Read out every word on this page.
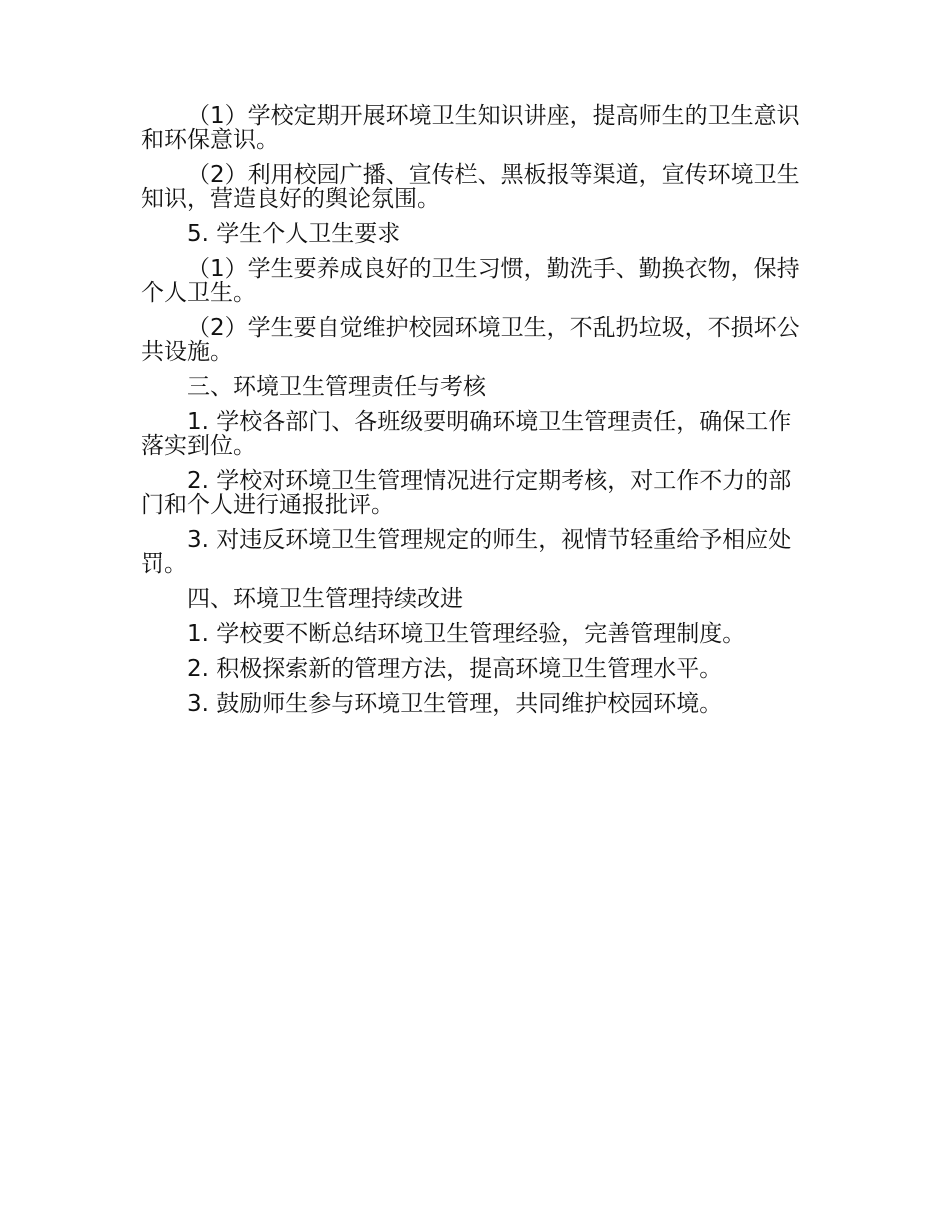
（1）学校定期开展环境卫生知识讲座，提高师生的卫生意识和环保意识。

（2）利用校园广播、宣传栏、黑板报等渠道，宣传环境卫生知识，营造良好的舆论氛围。

5. 学生个人卫生要求

（1）学生要养成良好的卫生习惯，勤洗手、勤换衣物，保持个人卫生。

（2）学生要自觉维护校园环境卫生，不乱扔垃圾，不损坏公共设施。

三、环境卫生管理责任与考核

1. 学校各部门、各班级要明确环境卫生管理责任，确保工作落实到位。

2. 学校对环境卫生管理情况进行定期考核，对工作不力的部门和个人进行通报批评。

3. 对违反环境卫生管理规定的师生，视情节轻重给予相应处罚。

四、环境卫生管理持续改进

1. 学校要不断总结环境卫生管理经验，完善管理制度。

2. 积极探索新的管理方法，提高环境卫生管理水平。

3. 鼓励师生参与环境卫生管理，共同维护校园环境。
